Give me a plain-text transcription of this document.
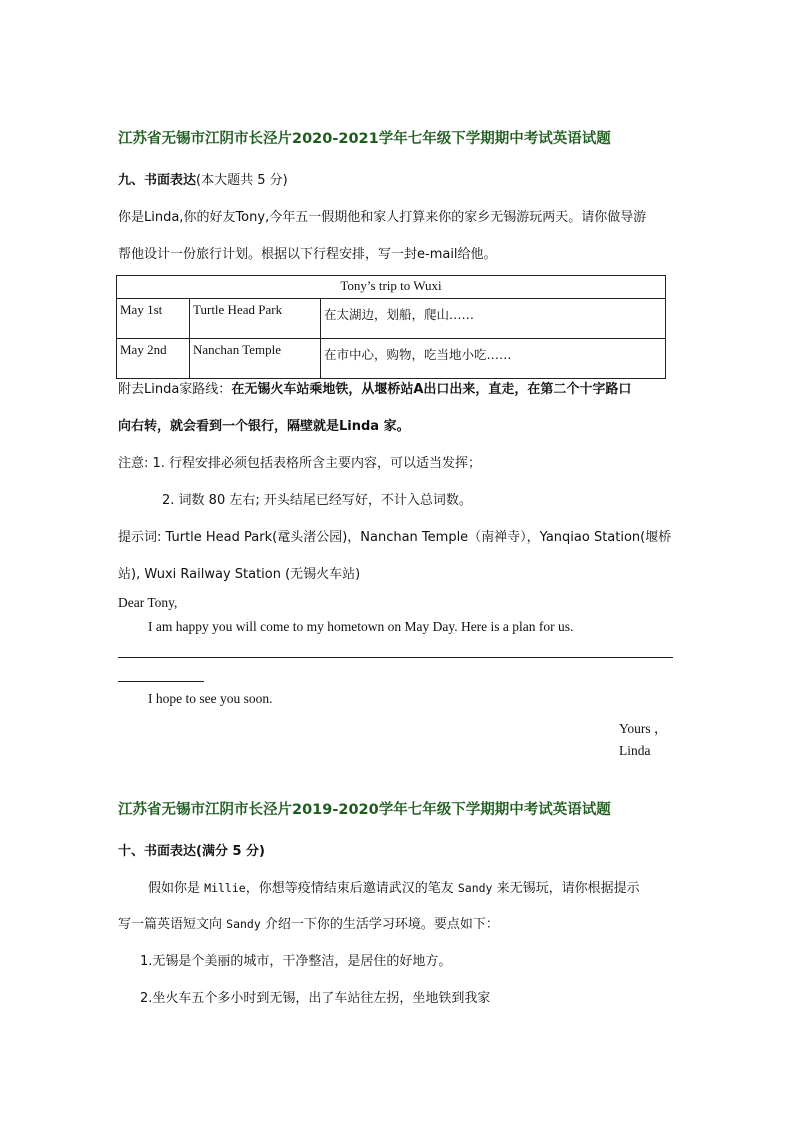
江苏省无锡市江阴市长泾片2020-2021学年七年级下学期期中考试英语试题
九、书面表达(本大题共 5 分)
你是Linda,你的好友Tony,今年五一假期他和家人打算来你的家乡无锡游玩两天。请你做导游
帮他设计一份旅行计划。根据以下行程安排，写一封e-mail给他。
Tony’s trip to Wuxi		
May 1st	Turtle Head Park	在太湖边，划船，爬山……
May 2nd	Nanchan Temple	在市中心，购物，吃当地小吃……
附去Linda家路线：在无锡火车站乘地铁，从堰桥站A出口出来，直走，在第二个十字路口
向右转，就会看到一个银行，隔壁就是Linda 家。
注意: 1. 行程安排必须包括表格所含主要内容，可以适当发挥；
2. 词数 80 左右; 开头结尾已经写好，不计入总词数。
提示词: Turtle Head Park(鼋头渚公园)，Nanchan Temple（南禅寺），Yanqiao Station(堰桥
站), Wuxi Railway Station (无锡火车站)
Dear Tony,
I am happy you will come to my hometown on May Day. Here is a plan for us.
I hope to see you soon.
Yours ，
Linda
江苏省无锡市江阴市长泾片2019-2020学年七年级下学期期中考试英语试题
十、书面表达(满分 5 分)
假如你是 Millie，你想等疫情结束后邀请武汉的笔友 Sandy 来无锡玩，请你根据提示
写一篇英语短文向 Sandy 介绍一下你的生活学习环境。要点如下：
1.无锡是个美丽的城市，干净整洁，是居住的好地方。
2.坐火车五个多小时到无锡，出了车站往左拐，坐地铁到我家
